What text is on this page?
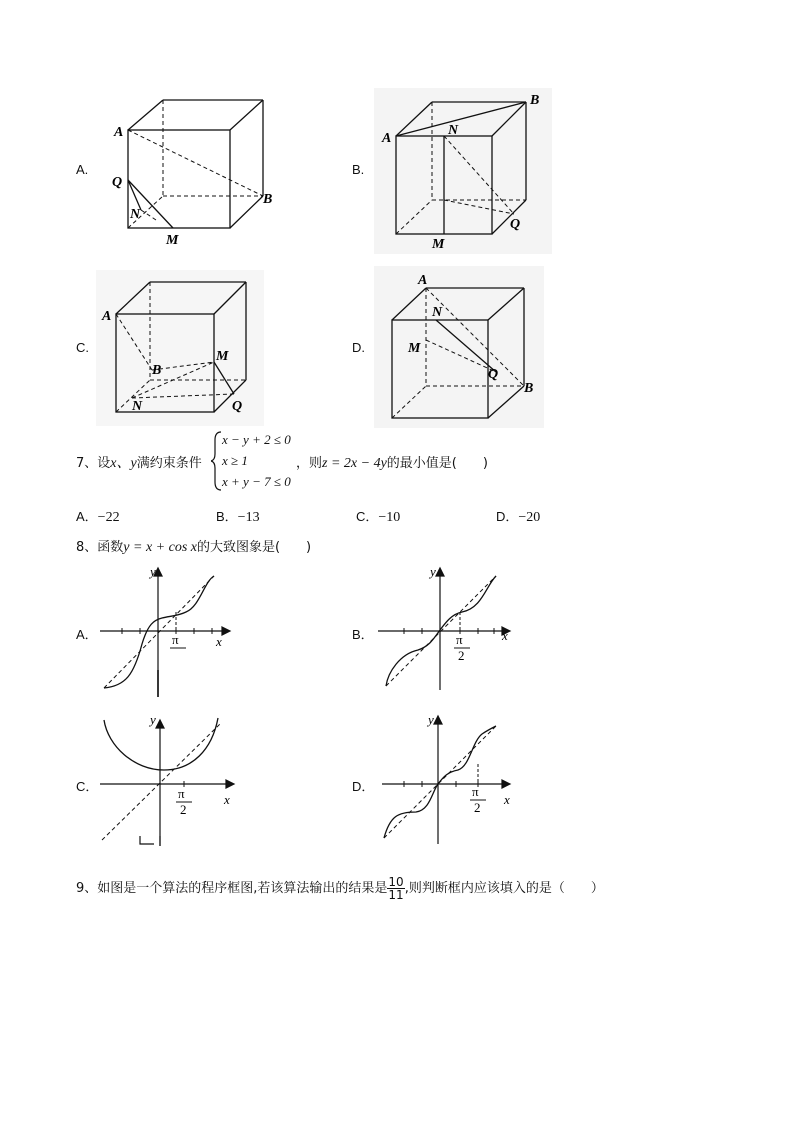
A.
A
Q
N
M
B
B.
A
N
B
M
Q
C.
A
M
B
N	Q
D.
A
N
M
Q
B
7、设x、y满约束条件
x − y + 2 ≤ 0
x ≥ 1
x + y − 7 ≤ 0
，则z = 2x − 4y的最小值是(　　)
A．−22	B．−13	C．−10	D．−20
8、函数y = x + cos x的大致图象是(　　)
A．
y
x
π	B．
y
x
π
2
C．
y
x
π
2
D．
y
x
π
2
9、如图是一个算法的程序框图,若该算法输出的结果是 $\frac{10}{11}$ ,则判断框内应该填入的是（　　）
